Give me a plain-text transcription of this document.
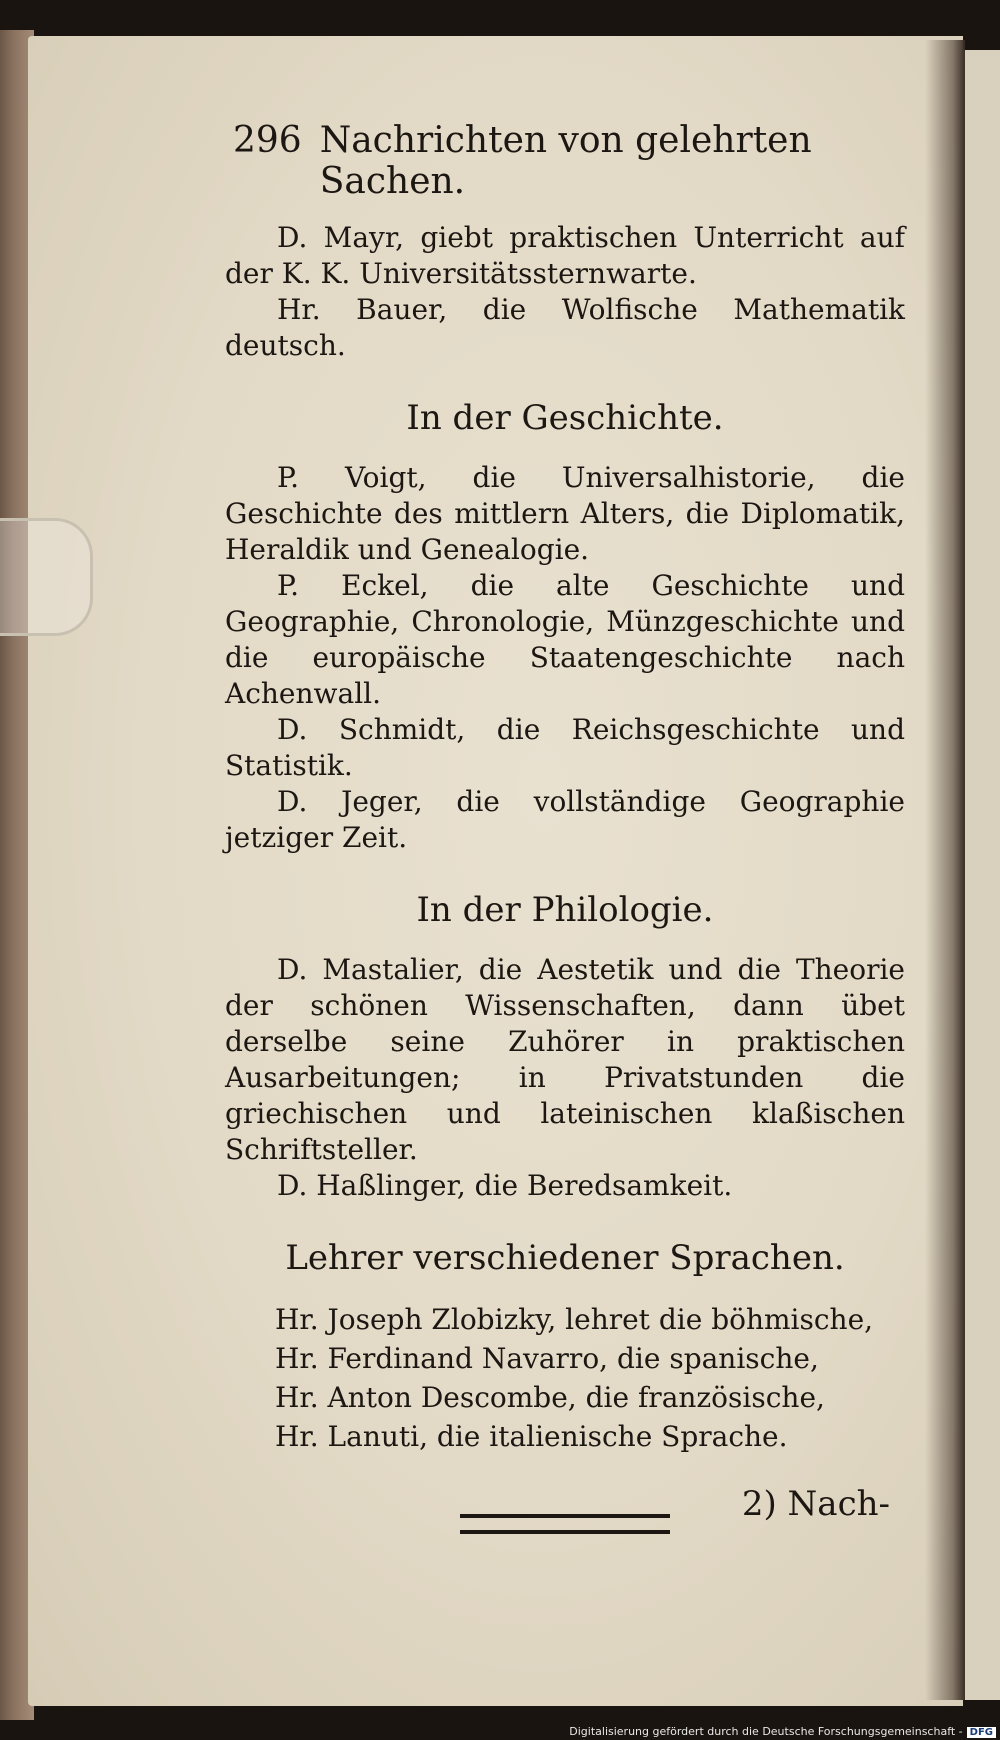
296 Nachrichten von gelehrten Sachen.
D. Mayr, giebt praktischen Unterricht auf der K. K. Universitätssternwarte.
Hr. Bauer, die Wolfische Mathematik deutsch.
In der Geschichte.
P. Voigt, die Universalhistorie, die Geschichte des mittlern Alters, die Diplomatik, Heraldik und Genealogie.
P. Eckel, die alte Geschichte und Geographie, Chronologie, Münzgeschichte und die europäische Staatengeschichte nach Achenwall.
D. Schmidt, die Reichsgeschichte und Statistik.
D. Jeger, die vollständige Geographie jetziger Zeit.
In der Philologie.
D. Mastalier, die Aestetik und die Theorie der schönen Wissenschaften, dann übet derselbe seine Zuhörer in praktischen Ausarbeitungen; in Privatstunden die griechischen und lateinischen klaßischen Schriftsteller.
D. Haßlinger, die Beredsamkeit.
Lehrer verschiedener Sprachen.
Hr. Joseph Zlobizky, lehret die böhmische,
Hr. Ferdinand Navarro, die spanische,
Hr. Anton Descombe, die französische,
Hr. Lanuti, die italienische Sprache.
2) Nach-
Digitalisierung gefördert durch die Deutsche Forschungsgemeinschaft - DFG
